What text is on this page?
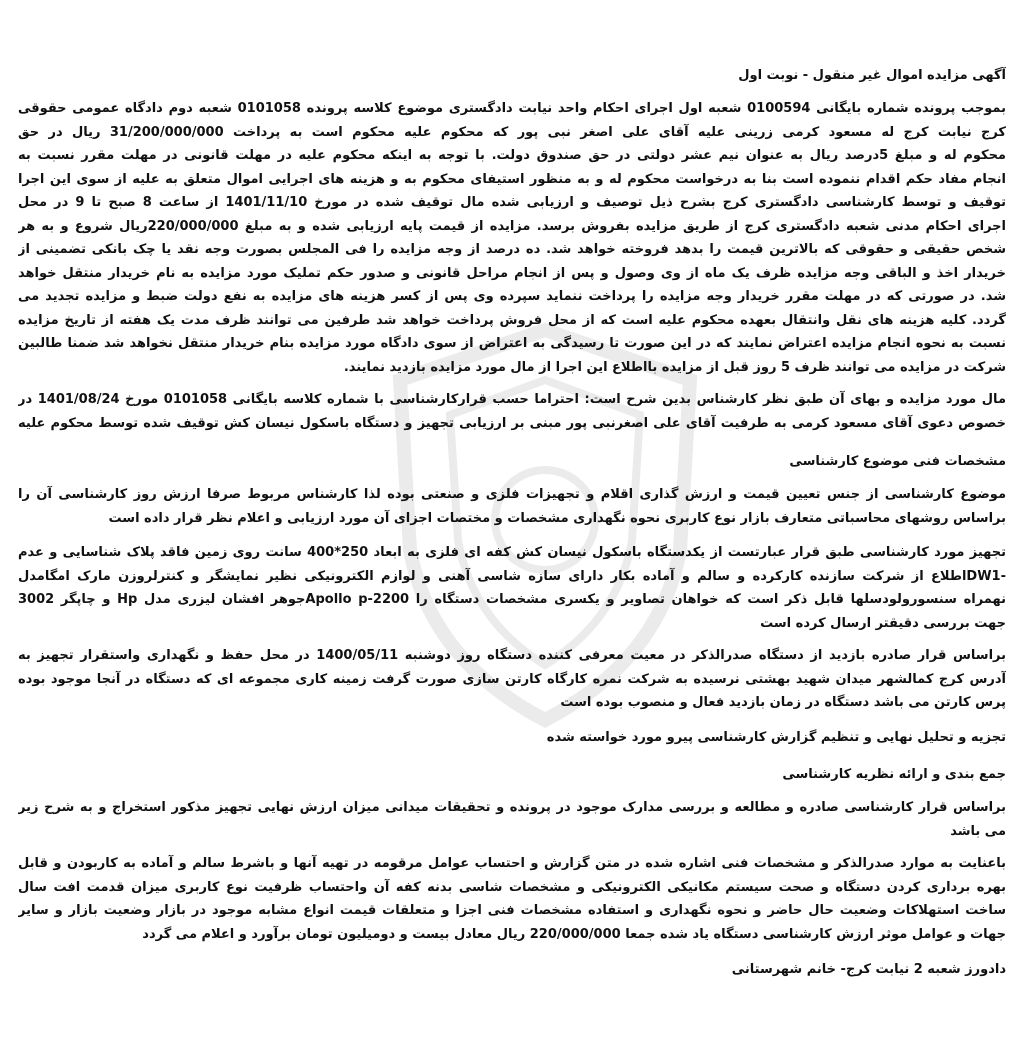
آگهی مزایده اموال غیر منقول - نوبت اول
بموجب پرونده شماره بایگانی 0100594 شعبه اول اجرای احکام واحد نیابت دادگستری موضوع کلاسه پرونده 0101058 شعبه دوم دادگاه عمومی حقوقی
کرج نیابت کرج له مسعود کرمی زرینی علیه آقای علی اصغر نبی پور که محکوم علیه محکوم است به پرداخت 31/200/000/000 ریال در حق
محکوم له و مبلغ 5درصد ریال به عنوان نیم عشر دولتی در حق صندوق دولت. با توجه به اینکه محکوم علیه در مهلت قانونی در مهلت مقرر نسبت به
انجام مفاد حکم اقدام ننموده است بنا به درخواست محکوم له و به منظور استیفای محکوم به و هزینه های اجرایی اموال متعلق به علیه از سوی این اجرا
توقیف و توسط کارشناسی دادگستری کرج بشرح ذیل توصیف و ارزیابی شده مال توقیف شده در مورخ 1401/11/10 از ساعت 8 صبح تا 9 در محل
اجرای احکام مدنی شعبه دادگستری کرج از طریق مزایده بفروش برسد. مزایده از قیمت پایه ارزیابی شده و به مبلغ 220/000/000ریال شروع و به هر
شخص حقیقی و حقوقی که بالاترین قیمت را بدهد فروخته خواهد شد. ده درصد از وجه مزایده را فی المجلس بصورت وجه نقد یا چک بانکی تضمینی از
خریدار اخذ و الباقی وجه مزایده ظرف یک ماه از وی وصول و پس از انجام مراحل قانونی و صدور حکم تملیک مورد مزایده به نام خریدار منتقل خواهد
شد. در صورتی که در مهلت مقرر خریدار وجه مزایده را پرداخت ننماید سپرده وی پس از کسر هزینه های مزایده به نفع دولت ضبط و مزایده تجدید می
گردد. کلیه هزینه های نقل وانتقال بعهده محکوم علیه است که از محل فروش پرداخت خواهد شد طرفین می توانند ظرف مدت یک هفته از تاریخ مزایده
نسبت به نحوه انجام مزایده اعتراض نمایند که در این صورت تا رسیدگی به اعتراض از سوی دادگاه مورد مزایده بنام خریدار منتقل نخواهد شد ضمنا طالبین
شرکت در مزایده می توانند ظرف 5 روز قبل از مزایده بااطلاع این اجرا از مال مورد مزایده بازدید نمایند.
مال مورد مزایده و بهای آن طبق نظر کارشناس بدین شرح است: احتراما حسب قرارکارشناسی با شماره کلاسه بایگانی 0101058 مورخ 1401/08/24 در
خصوص دعوی آقای مسعود کرمی به طرفیت آقای علی اصغرنبی پور مبنی بر ارزیابی تجهیز و دستگاه باسکول نیسان کش توقیف شده توسط محکوم علیه
مشخصات فنی موضوع کارشناسی
موضوع کارشناسی از جنس تعیین قیمت و ارزش گذاری اقلام و تجهیزات فلزی و صنعتی بوده لذا کارشناس مربوط صرفا ارزش روز کارشناسی آن را
براساس روشهای محاسباتی متعارف بازار نوع کاربری نحوه نگهداری مشخصات و مختصات اجزای آن مورد ارزیابی و اعلام نظر قرار داده است
تجهیز مورد کارشناسی طبق قرار عبارتست از یکدستگاه باسکول نیسان کش کفه ای فلزی به ابعاد 250*400 سانت روی زمین فاقد پلاک شناسایی و عدم
-DW1اطلاع از شرکت سازنده کارکرده و سالم و آماده بکار دارای سازه شاسی آهنی و لوازم الکترونیکی نظیر نمایشگر و کنترلروزن مارک امگامدل
نهمراه سنسورولودسلها قابل ذکر است که خواهان تصاویر و یکسری مشخصات دستگاه را Apollo p-2200جوهر افشان لیزری مدل Hp و چاپگر 3002
جهت بررسی دقیقتر ارسال کرده است
براساس قرار صادره بازدید از دستگاه صدرالذکر در معیت معرفی کننده دستگاه روز دوشنبه 1400/05/11 در محل حفظ و نگهداری واستقرار تجهیز به
آدرس کرج کمالشهر میدان شهید بهشتی نرسیده به شرکت نمره کارگاه کارتن سازی صورت گرفت زمینه کاری مجموعه ای که دستگاه در آنجا موجود بوده
پرس کارتن می باشد دستگاه در زمان بازدید فعال و منصوب بوده است
تجزیه و تحلیل نهایی و تنظیم گزارش کارشناسی پیرو مورد خواسته شده
جمع بندی و ارائه نظریه کارشناسی
براساس قرار کارشناسی صادره و مطالعه و بررسی مدارک موجود در پرونده و تحقیقات میدانی میزان ارزش نهایی تجهیز مذکور استخراج و به شرح زیر
می باشد
باعنایت به موارد صدرالذکر و مشخصات فنی اشاره شده در متن گزارش و احتساب عوامل مرقومه در تهیه آنها و باشرط سالم و آماده به کاربودن و قابل
بهره برداری کردن دستگاه و صحت سیستم مکانیکی الکترونیکی و مشخصات شاسی بدنه کفه آن واحتساب ظرفیت نوع کاربری میزان قدمت افت سال
ساخت استهلاکات وضعیت حال حاضر و نحوه نگهداری و استفاده مشخصات فنی اجزا و متعلقات قیمت انواع مشابه موجود در بازار وضعیت بازار و سایر
جهات و عوامل موثر ارزش کارشناسی دستگاه یاد شده جمعا 220/000/000 ریال معادل بیست و دومیلیون تومان برآورد و اعلام می گردد
دادورز شعبه 2 نیابت کرج- خانم شهرستانی
